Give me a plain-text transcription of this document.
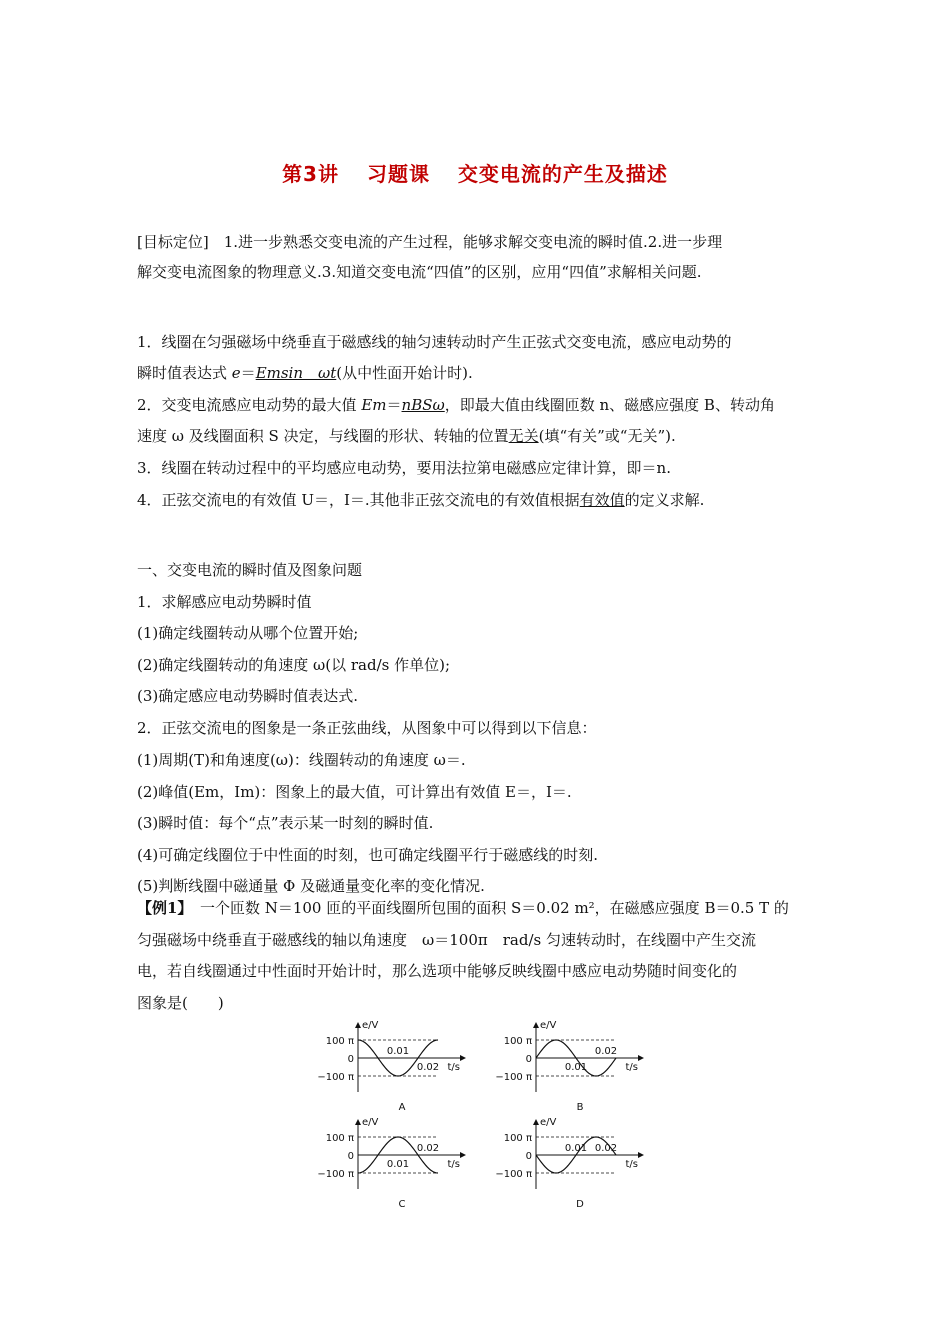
第3讲 习题课 交变电流的产生及描述
[目标定位]　1.进一步熟悉交变电流的产生过程，能够求解交变电流的瞬时值.2.进一步理
解交变电流图象的物理意义.3.知道交变电流“四值”的区别，应用“四值”求解相关问题.
1．线圈在匀强磁场中绕垂直于磁感线的轴匀速转动时产生正弦式交变电流，感应电动势的
瞬时值表达式 e＝Emsin　ωt(从中性面开始计时).
2．交变电流感应电动势的最大值 Em＝nBSω，即最大值由线圈匝数 n、磁感应强度 B、转动角
速度 ω 及线圈面积 S 决定，与线圈的形状、转轴的位置无关(填“有关”或“无关”).
3．线圈在转动过程中的平均感应电动势，要用法拉第电磁感应定律计算，即＝n.
4．正弦交流电的有效值 U＝，I＝.其他非正弦交流电的有效值根据有效值的定义求解.
一、交变电流的瞬时值及图象问题
1．求解感应电动势瞬时值
(1)确定线圈转动从哪个位置开始;
(2)确定线圈转动的角速度 ω(以 rad/s 作单位);
(3)确定感应电动势瞬时值表达式.
2．正弦交流电的图象是一条正弦曲线，从图象中可以得到以下信息：
(1)周期(T)和角速度(ω)：线圈转动的角速度 ω＝.
(2)峰值(Em，Im)：图象上的最大值，可计算出有效值 E＝，I＝.
(3)瞬时值：每个“点”表示某一时刻的瞬时值.
(4)可确定线圈位于中性面的时刻，也可确定线圈平行于磁感线的时刻.
(5)判断线圈中磁通量 Φ 及磁通量变化率的变化情况.
【例1】　一个匝数 N＝100 匝的平面线圈所包围的面积 S＝0.02 m²，在磁感应强度 B＝0.5 T 的
匀强磁场中绕垂直于磁感线的轴以角速度　ω＝100π　rad/s 匀速转动时，在线圈中产生交流
电，若自线圈通过中性面时开始计时，那么选项中能够反映线圈中感应电动势随时间变化的
图象是(　　)
e/V
t/s
100 π
0
−100 π
0.01
0.02
A
e/V
t/s
100 π
0
−100 π
0.01
0.02
B
e/V
t/s
100 π
0
−100 π
0.01
0.02
C
e/V
t/s
100 π
0
−100 π
0.01 0.02
D
